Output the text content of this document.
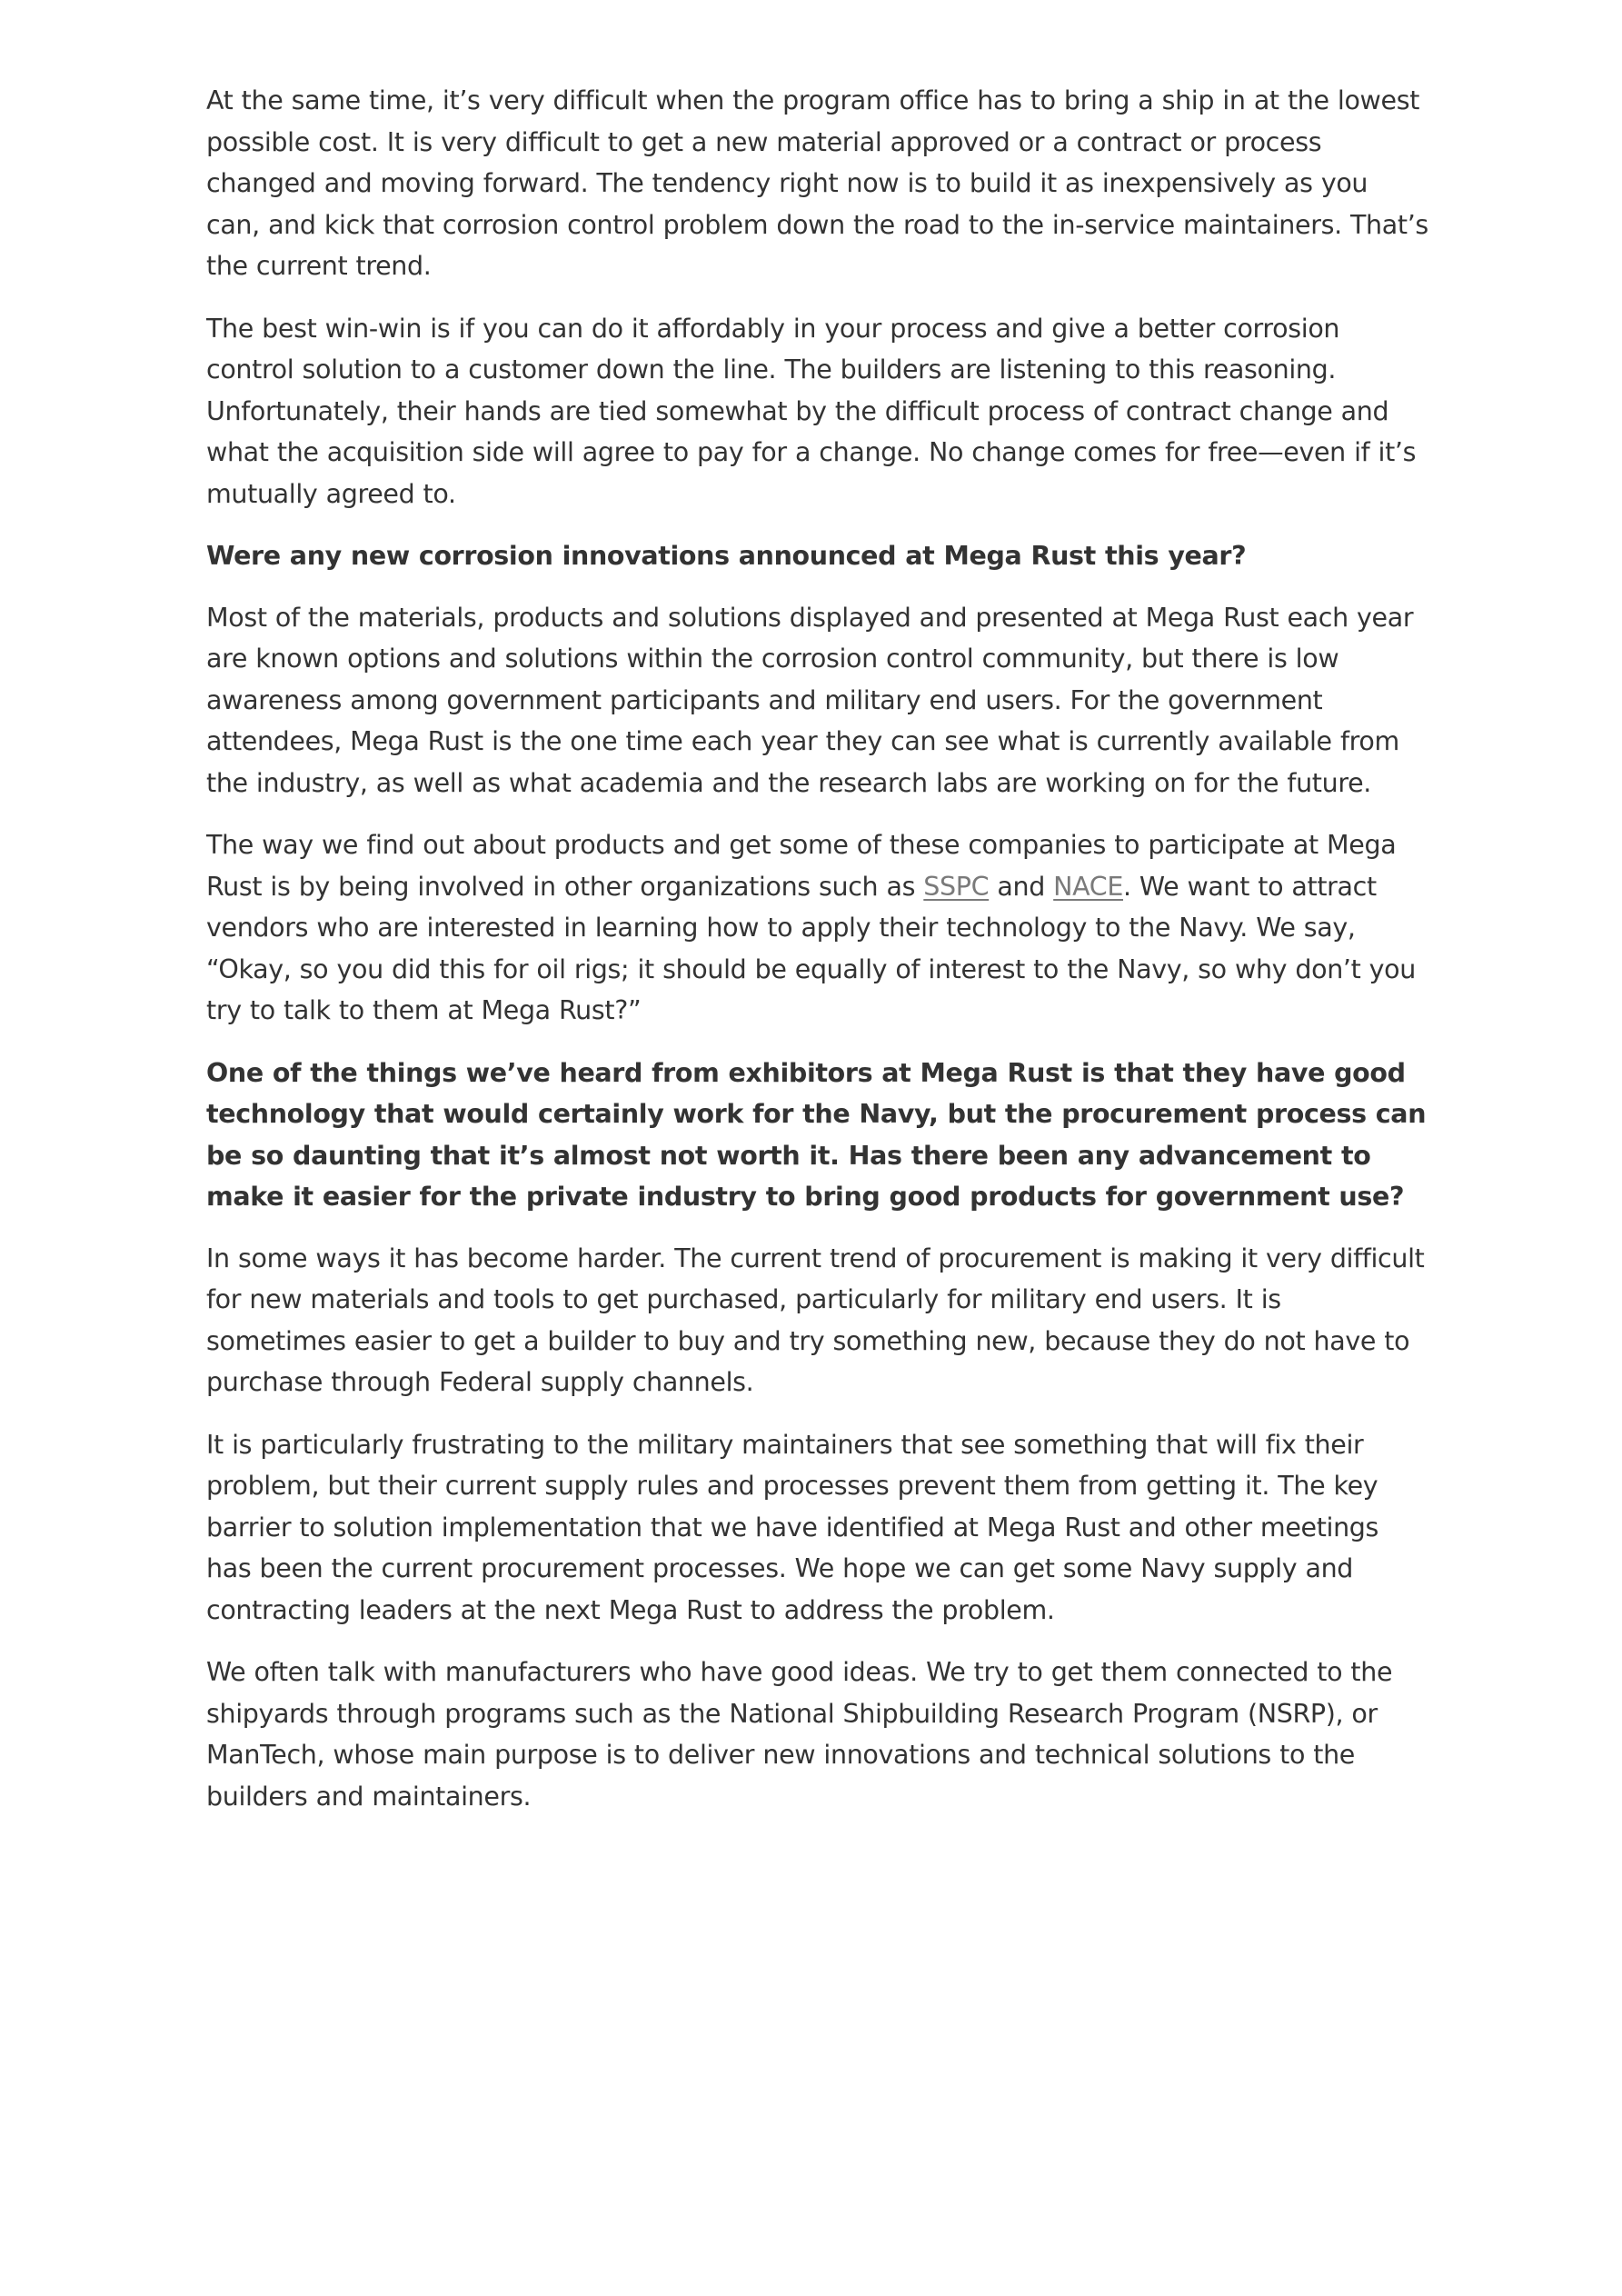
At the same time, it’s very difficult when the program office has to bring a ship in at the lowest possible cost. It is very difficult to get a new material approved or a contract or process changed and moving forward. The tendency right now is to build it as inexpensively as you can, and kick that corrosion control problem down the road to the in-service maintainers. That’s the current trend.

The best win-win is if you can do it affordably in your process and give a better corrosion control solution to a customer down the line. The builders are listening to this reasoning. Unfortunately, their hands are tied somewhat by the difficult process of contract change and what the acquisition side will agree to pay for a change. No change comes for free—even if it’s mutually agreed to.

Were any new corrosion innovations announced at Mega Rust this year?

Most of the materials, products and solutions displayed and presented at Mega Rust each year are known options and solutions within the corrosion control community, but there is low awareness among government participants and military end users. For the government attendees, Mega Rust is the one time each year they can see what is currently available from the industry, as well as what academia and the research labs are working on for the future.

The way we find out about products and get some of these companies to participate at Mega Rust is by being involved in other organizations such as SSPC and NACE. We want to attract vendors who are interested in learning how to apply their technology to the Navy. We say, “Okay, so you did this for oil rigs; it should be equally of interest to the Navy, so why don’t you try to talk to them at Mega Rust?”

One of the things we’ve heard from exhibitors at Mega Rust is that they have good technology that would certainly work for the Navy, but the procurement process can be so daunting that it’s almost not worth it. Has there been any advancement to make it easier for the private industry to bring good products for government use?

In some ways it has become harder. The current trend of procurement is making it very difficult for new materials and tools to get purchased, particularly for military end users. It is sometimes easier to get a builder to buy and try something new, because they do not have to purchase through Federal supply channels.

It is particularly frustrating to the military maintainers that see something that will fix their problem, but their current supply rules and processes prevent them from getting it. The key barrier to solution implementation that we have identified at Mega Rust and other meetings has been the current procurement processes. We hope we can get some Navy supply and contracting leaders at the next Mega Rust to address the problem.

We often talk with manufacturers who have good ideas. We try to get them connected to the shipyards through programs such as the National Shipbuilding Research Program (NSRP), or ManTech, whose main purpose is to deliver new innovations and technical solutions to the builders and maintainers.
